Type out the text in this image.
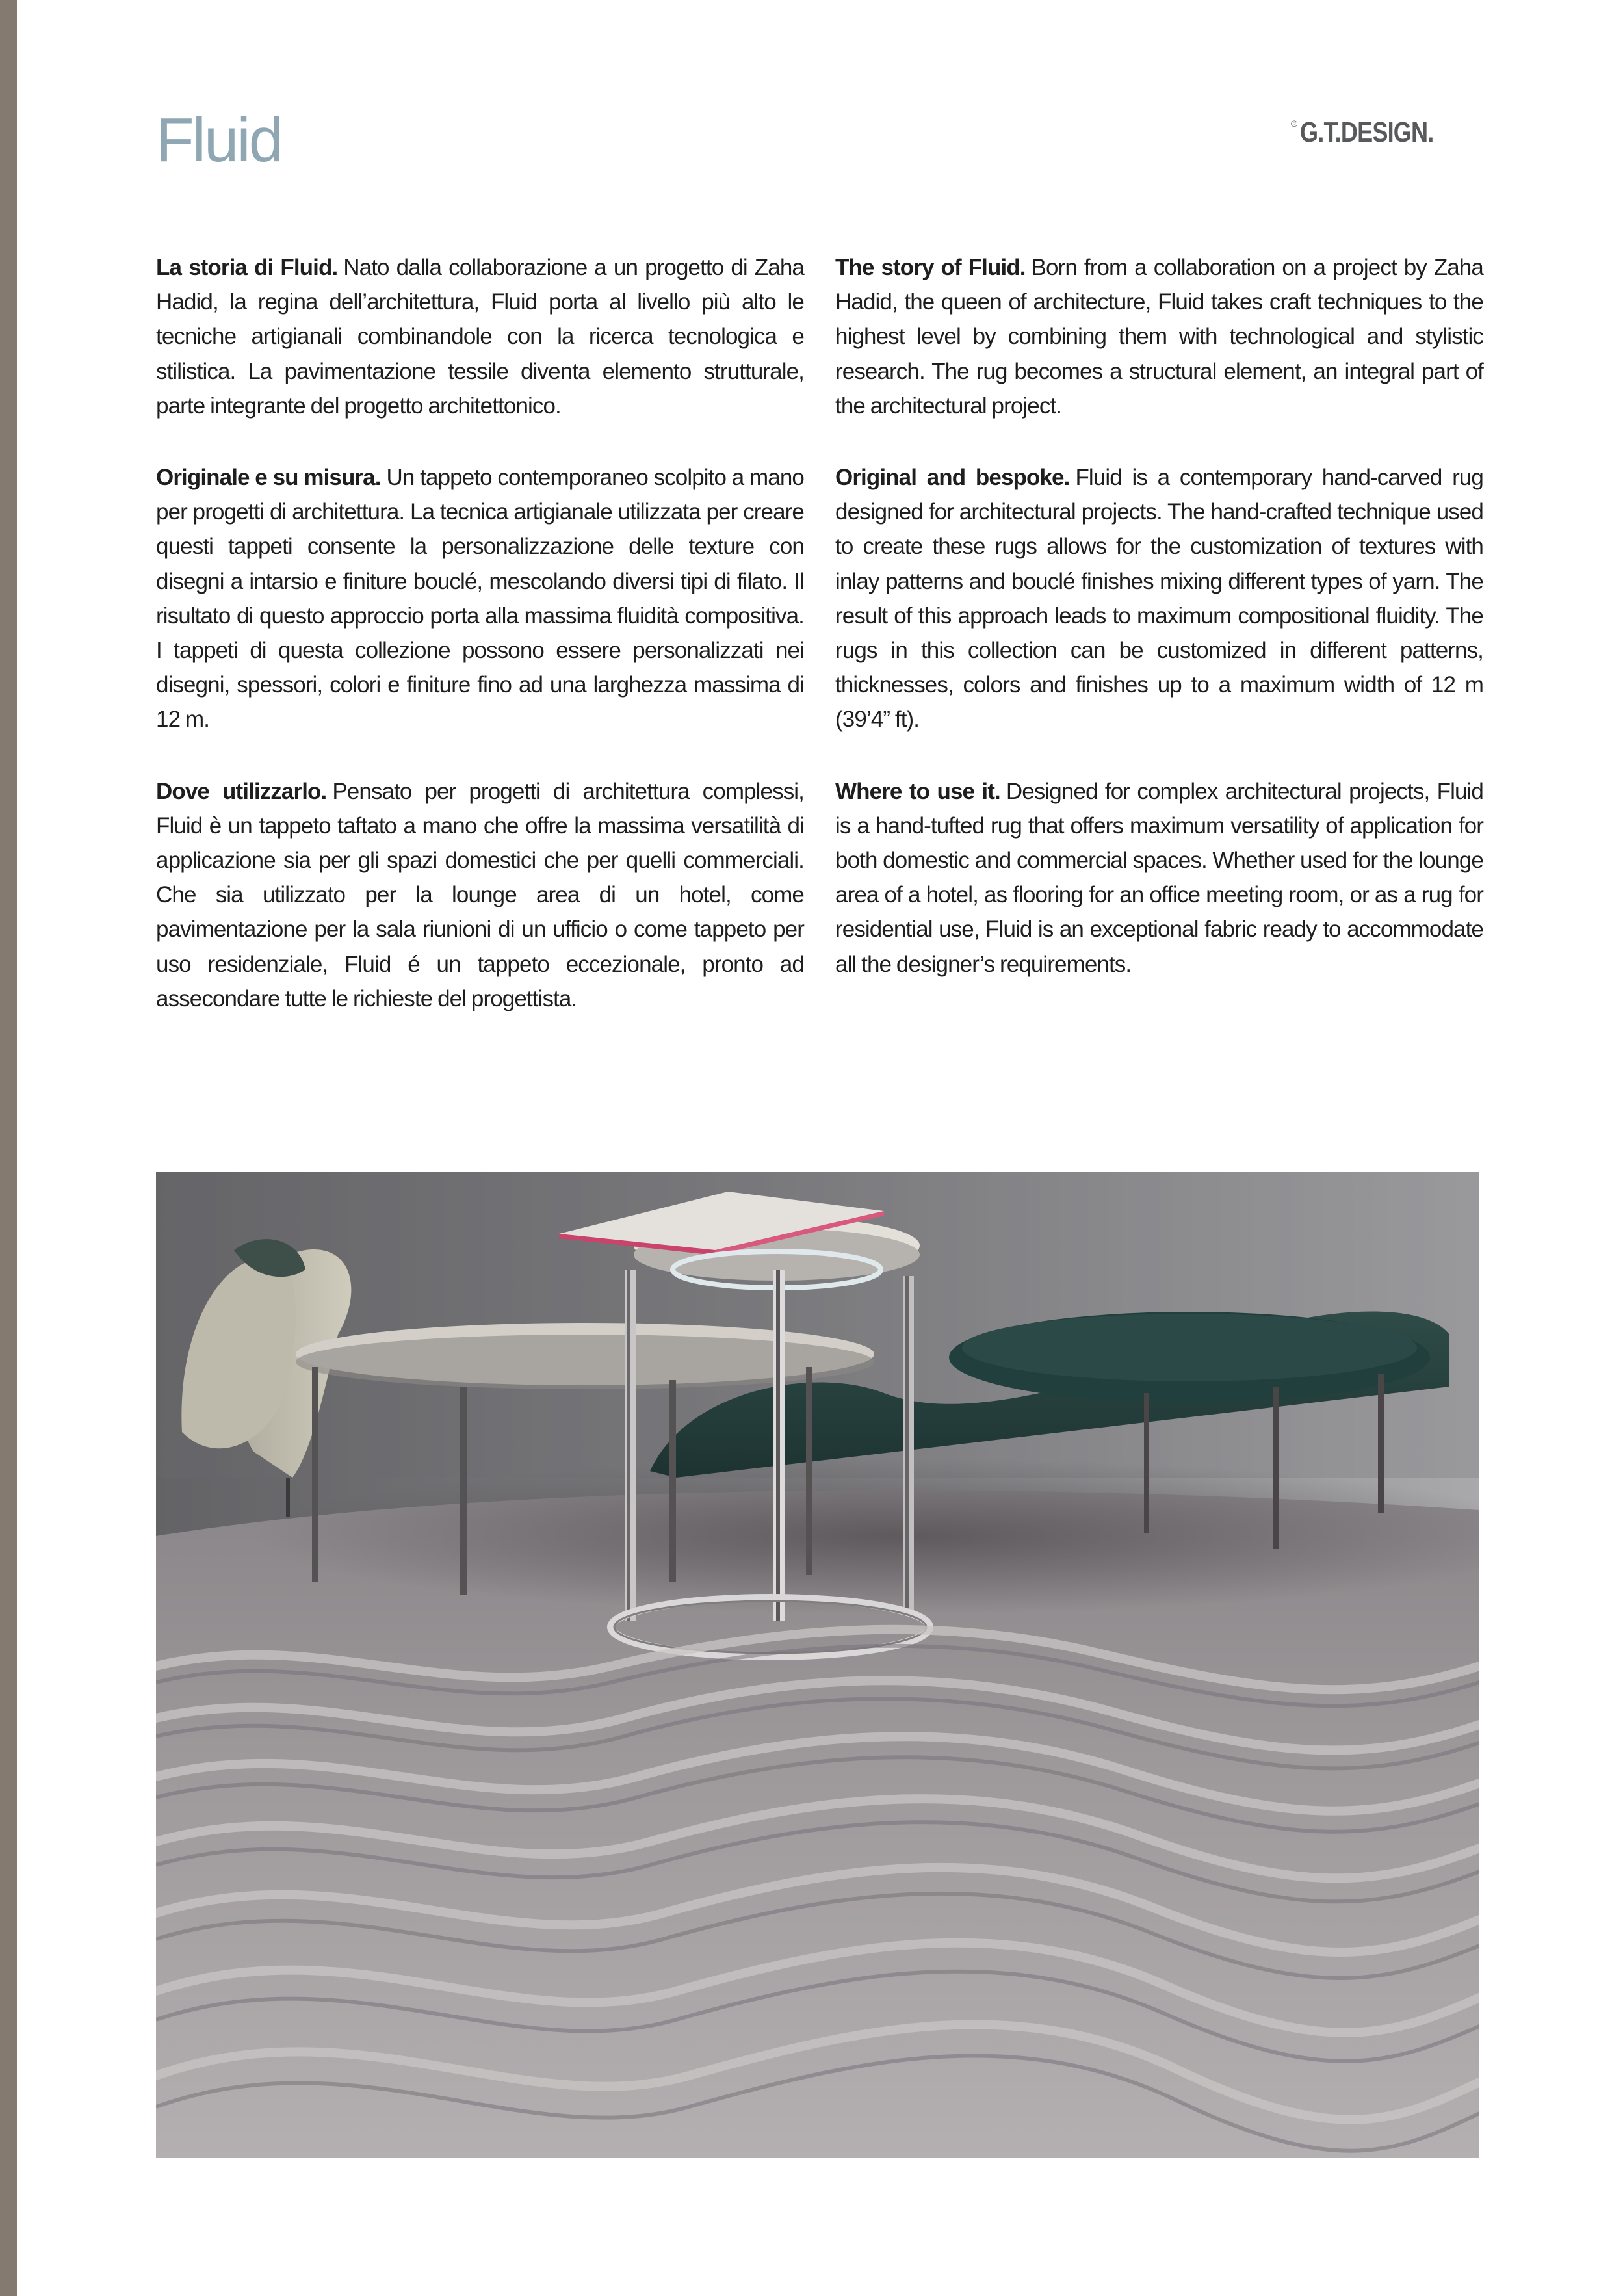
Fluid	® G.T.DESIGN.

La storia di Fluid. Nato dalla collaborazione a un progetto di Zaha Hadid, la regina dell’architettura, Fluid porta al livello più alto le tecniche artigianali combinandole con la ricerca tecnologica e stilistica. La pavimentazione tessile diventa elemento strutturale, parte integrante del progetto architettonico.

Originale e su misura. Un tappeto contemporaneo scolpito a mano per progetti di architettura. La tecnica artigianale utilizzata per creare questi tappeti consente la personalizzazione delle texture con disegni a intarsio e finiture bouclé, mescolando diversi tipi di filato. Il risultato di questo approccio porta alla massima fluidità compositiva. I tappeti di questa collezione possono essere personalizzati nei disegni, spessori, colori e finiture fino ad una larghezza massima di 12 m.

Dove utilizzarlo. Pensato per progetti di architettura complessi, Fluid è un tappeto taftato a mano che offre la massima versatilità di applicazione sia per gli spazi domestici che per quelli commerciali. Che sia utilizzato per la lounge area di un hotel, come pavimentazione per la sala riunioni di un ufficio o come tappeto per uso residenziale, Fluid é un tappeto eccezionale, pronto ad assecondare tutte le richieste del progettista.

The story of Fluid. Born from a collaboration on a project by Zaha Hadid, the queen of architecture, Fluid takes craft techniques to the highest level by combining them with technological and stylistic research. The rug becomes a structural element, an integral part of the architectural project.

Original and bespoke. Fluid is a contemporary hand-carved rug designed for architectural projects. The hand-crafted technique used to create these rugs allows for the customization of textures with inlay patterns and bouclé finishes mixing different types of yarn. The result of this approach leads to maximum compositional fluidity. The rugs in this collection can be customized in different patterns, thicknesses, colors and finishes up to a maximum width of 12 m (39’4” ft).

Where to use it. Designed for complex architectural projects, Fluid is a hand-tufted rug that offers maximum versatility of application for both domestic and commercial spaces. Whether used for the lounge area of a hotel, as flooring for an office meeting room, or as a rug for residential use, Fluid is an exceptional fabric ready to accommodate all the designer’s requirements.
